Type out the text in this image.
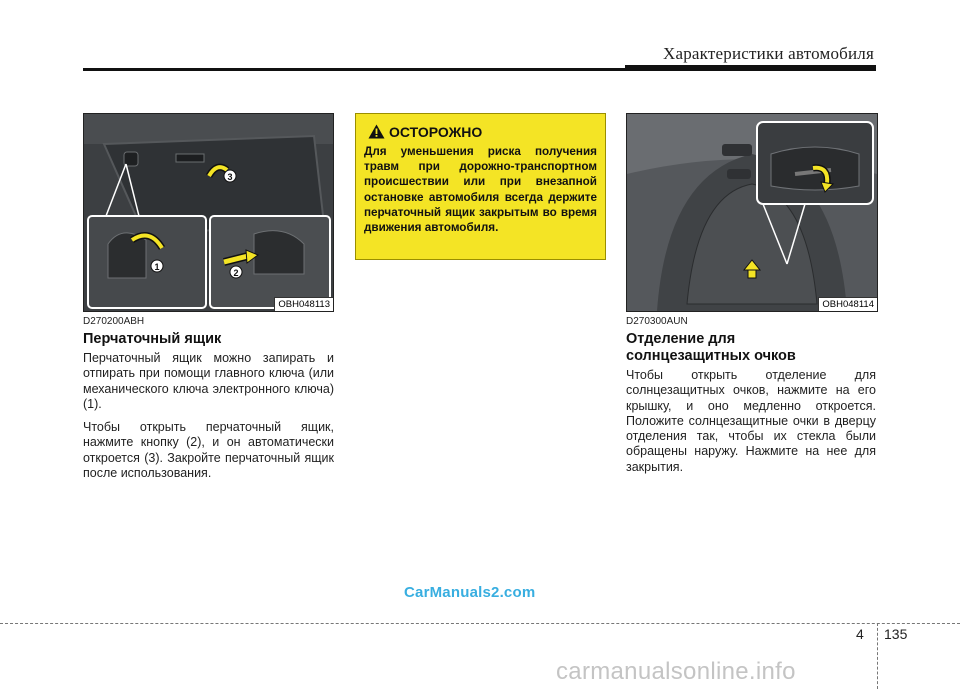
Характеристики автомобиля
3
1
2
OBH048113
D270200ABH
Перчаточный ящик
Перчаточный ящик можно запирать и отпирать при помощи главного ключа (или механического ключа электронного ключа) (1).
Чтобы открыть перчаточный ящик, нажмите кнопку (2), и он автоматически откроется (3). Закройте перчаточный ящик после использования.
ОСТОРОЖНО
Для уменьшения риска получения травм при дорожно-транспортном происшествии или при внезапной остановке автомобиля всегда держите перчаточный ящик закрытым во время движения автомобиля.
OBH048114
D270300AUN
Отделение для
солнцезащитных очков
Чтобы открыть отделение для солнцезащитных очков, нажмите на его крышку, и оно медленно откроется. Положите солнцезащитные очки в дверцу отделения так, чтобы их стекла были обращены наружу. Нажмите на нее для закрытия.
CarManuals2.com
4 135
carmanualsonline.info
